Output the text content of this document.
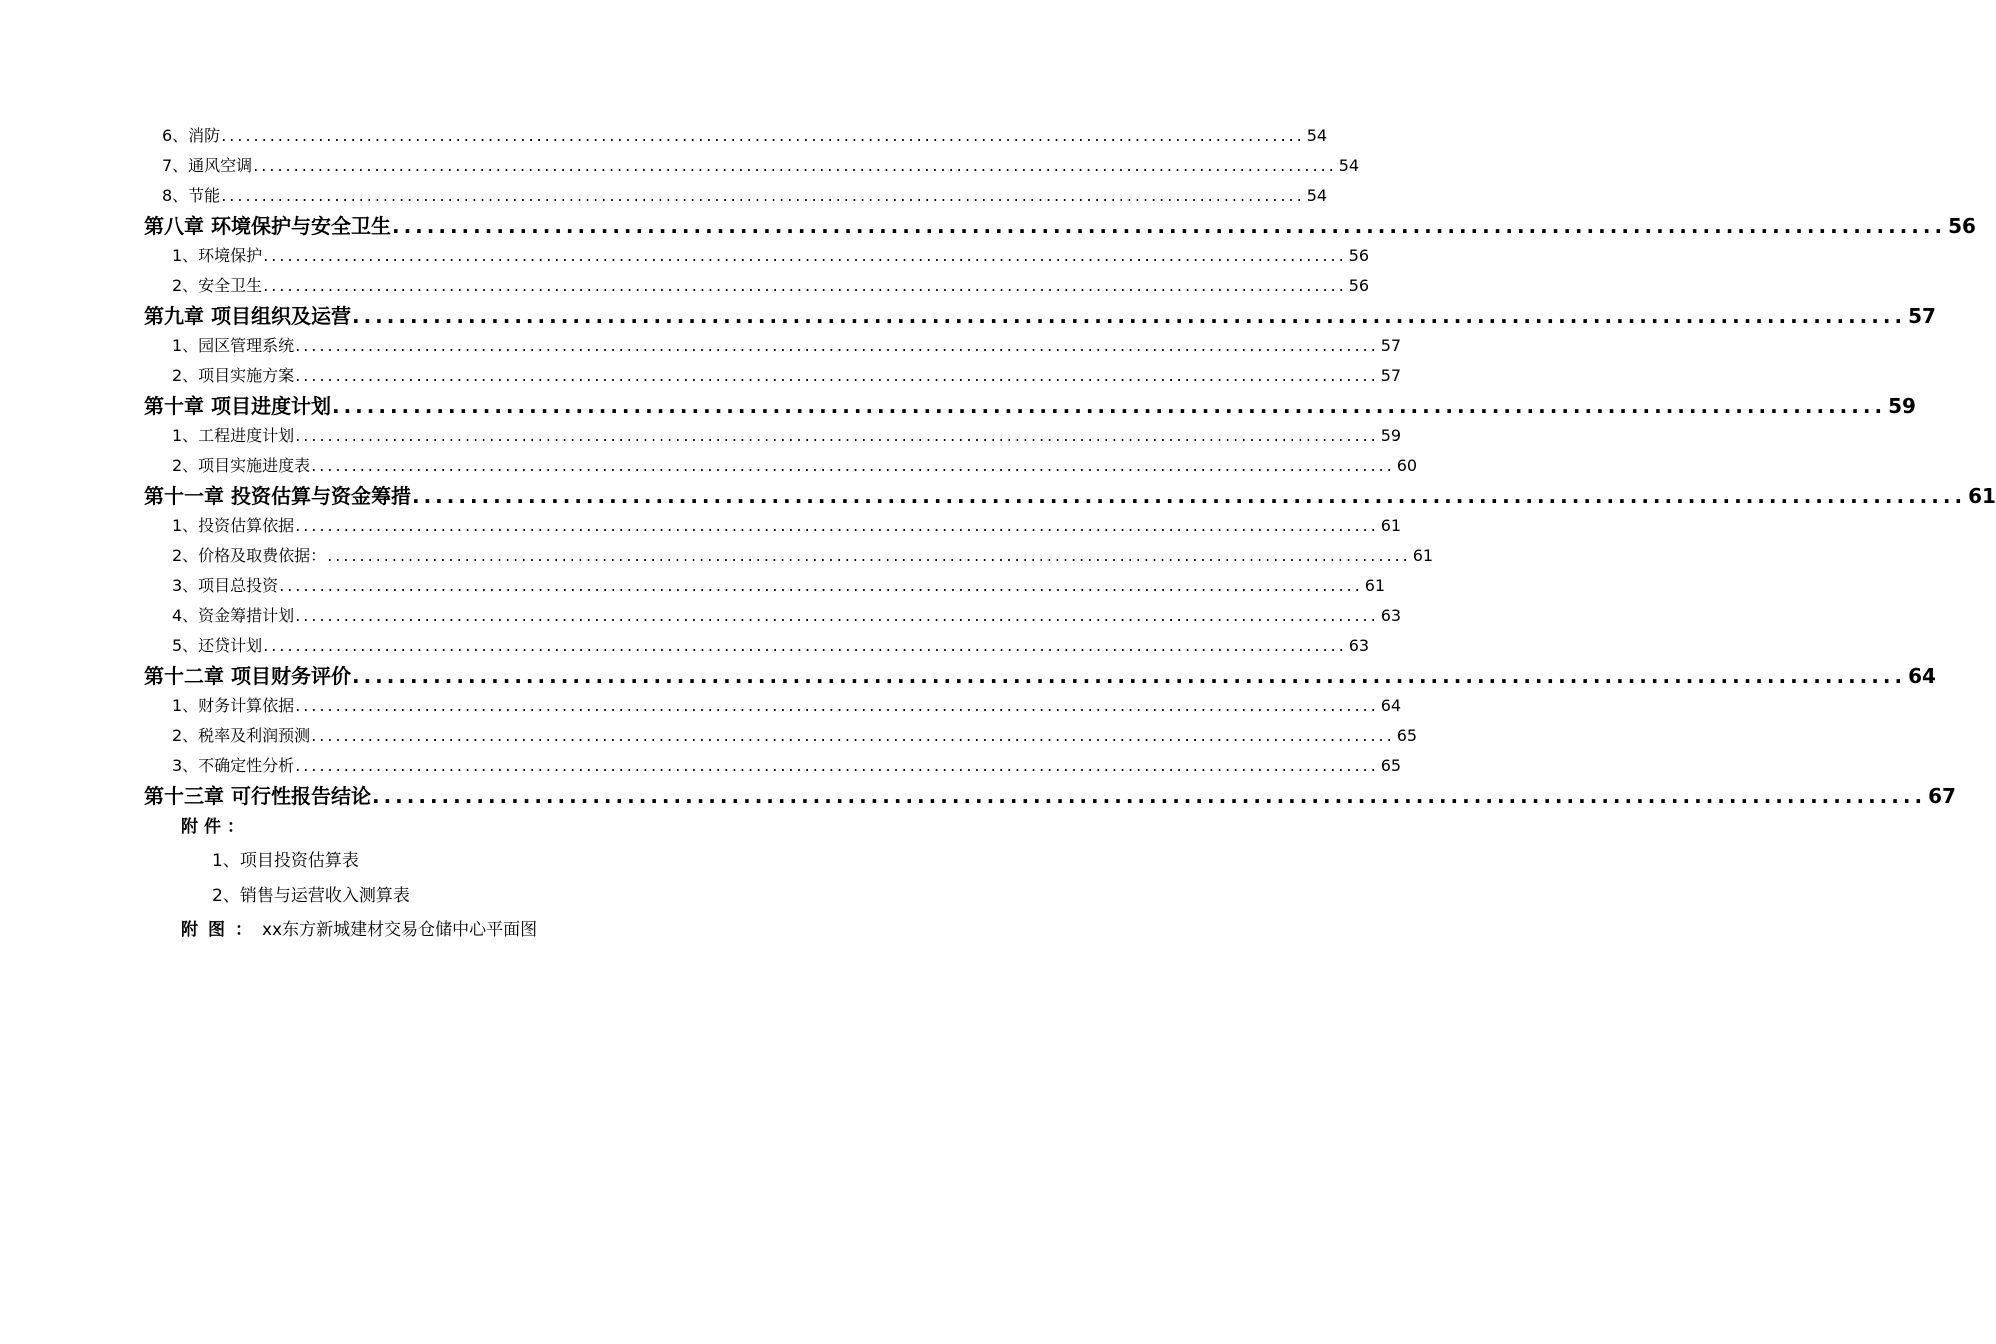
6、消防 ...................................................................................................................................... 54
7、通风空调 ...................................................................................................................................... 54
8、节能 ...................................................................................................................................... 54
第八章 环境保护与安全卫生 ...................................................................................................................................... 56
1、环境保护 ...................................................................................................................................... 56
2、安全卫生 ...................................................................................................................................... 56
第九章 项目组织及运营 ...................................................................................................................................... 57
1、园区管理系统 ...................................................................................................................................... 57
2、项目实施方案 ...................................................................................................................................... 57
第十章 项目进度计划 ...................................................................................................................................... 59
1、工程进度计划 ...................................................................................................................................... 59
2、项目实施进度表 ...................................................................................................................................... 60
第十一章 投资估算与资金筹措 ...................................................................................................................................... 61
1、投资估算依据 ...................................................................................................................................... 61
2、价格及取费依据： ...................................................................................................................................... 61
3、项目总投资 ...................................................................................................................................... 61
4、资金筹措计划 ...................................................................................................................................... 63
5、还贷计划 ...................................................................................................................................... 63
第十二章 项目财务评价 ...................................................................................................................................... 64
1、财务计算依据 ...................................................................................................................................... 64
2、税率及利润预测 ...................................................................................................................................... 65
3、不确定性分析 ...................................................................................................................................... 65
第十三章 可行性报告结论 ...................................................................................................................................... 67
附件：
1、项目投资估算表
2、销售与运营收入测算表
附图：xx东方新城建材交易仓储中心平面图
